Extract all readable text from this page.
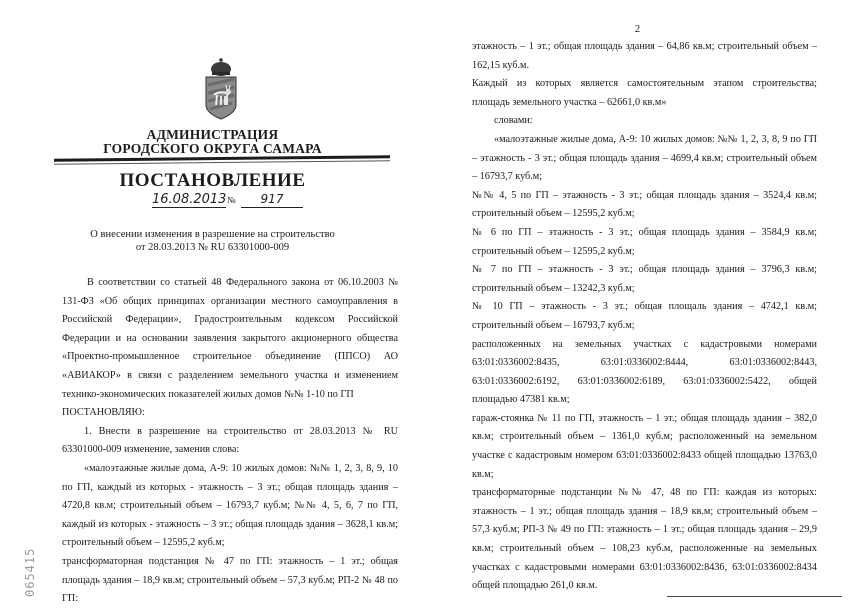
АДМИНИСТРАЦИЯ
ГОРОДСКОГО ОКРУГА САМАРА
ПОСТАНОВЛЕНИЕ
16.08.2013 №	917
О внесении изменения в разрешение на строительство
от 28.03.2013 № RU 63301000-009

В соответствии со статьей 48 Федерального закона от 06.10.2003 № 131-ФЗ «Об общих принципах организации местного самоуправления в Российской Федерации», Градостроительным кодексом Российской Федерации и на основании заявления закрытого акционерного общества «Проектно-промышленное строительное объединение (ППСО) АО «АВИАКОР» в связи с разделением земельного участка и изменением технико-экономических показателей жилых домов №№ 1-10 по ГП

ПОСТАНОВЛЯЮ:

1. Внести в разрешение на строительство от 28.03.2013 № RU 63301000-009 изменение, заменив слова:

«малоэтажные жилые дома, А-9: 10 жилых домов: №№ 1, 2, 3, 8, 9, 10 по ГП, каждый из которых - этажность – 3 эт.; общая площадь здания – 4720,8 кв.м; строительный объем – 16793,7 куб.м; №№ 4, 5, 6, 7 по ГП, каждый из которых - этажность – 3 эт.; общая площадь здания – 3628,1 кв.м; строительный объем – 12595,2 куб.м;

трансформаторная подстанция № 47 по ГП: этажность – 1 эт.; общая площадь здания – 18,9 кв.м; строительный объем – 57,3 куб.м; РП-2 № 48 по ГП:

065415
2

этажность – 1 эт.; общая площадь здания – 64,86 кв.м; строительный объем – 162,15 куб.м.

Каждый из которых является самостоятельным этапом строительства; площадь земельного участка – 62661,0 кв.м»

словами:

«малоэтажные жилые дома, А-9: 10 жилых домов: №№ 1, 2, 3, 8, 9 по ГП – этажность - 3 эт.; общая площадь здания – 4699,4 кв.м; строительный объем – 16793,7 куб.м;

№№ 4, 5 по ГП – этажность - 3 эт.; общая площадь здания – 3524,4 кв.м; строительный объем – 12595,2 куб.м;

№ 6 по ГП – этажность - 3 эт.; общая площадь здания – 3584,9 кв.м; строительный объем – 12595,2 куб.м;

№ 7 по ГП – этажность - 3 эт.; общая площадь здания – 3796,3 кв.м; строительный объем – 13242,3 куб.м;

№ 10 ГП – этажность - 3 эт.; общая площаль здания – 4742,1 кв.м; строительный объем – 16793,7 куб.м;

расположенных на земельных участках с кадастровыми номерами 63:01:0336002:8435, 63:01:0336002:8444, 63:01:0336002:8443, 63:01:0336002:6192, 63:01:0336002:6189, 63:01:0336002:5422, общей площадью 47381 кв.м;

гараж-стоянка № 11 по ГП, этажность – 1 эт.; общая площадь здания – 382,0 кв.м; строительный объем – 1361,0 куб.м; расположенный на земельном участке с кадастровым номером 63:01:0336002:8433 общей площадью 13763,0 кв.м;

трансформаторные подстанции №№ 47, 48 по ГП: каждая из которых: этажность – 1 эт.; общая площадь здания – 18,9 кв.м; строительный объем – 57,3 куб.м; РП-3 № 49 по ГП: этажность – 1 эт.; общая площадь здания – 29,9 кв.м; строительный объем – 108,23 куб.м, расположенные на земельных участках с кадастровыми номерами 63:01:0336002:8436, 63:01:0336002:8434 общей площадью 261,0 кв.м.
